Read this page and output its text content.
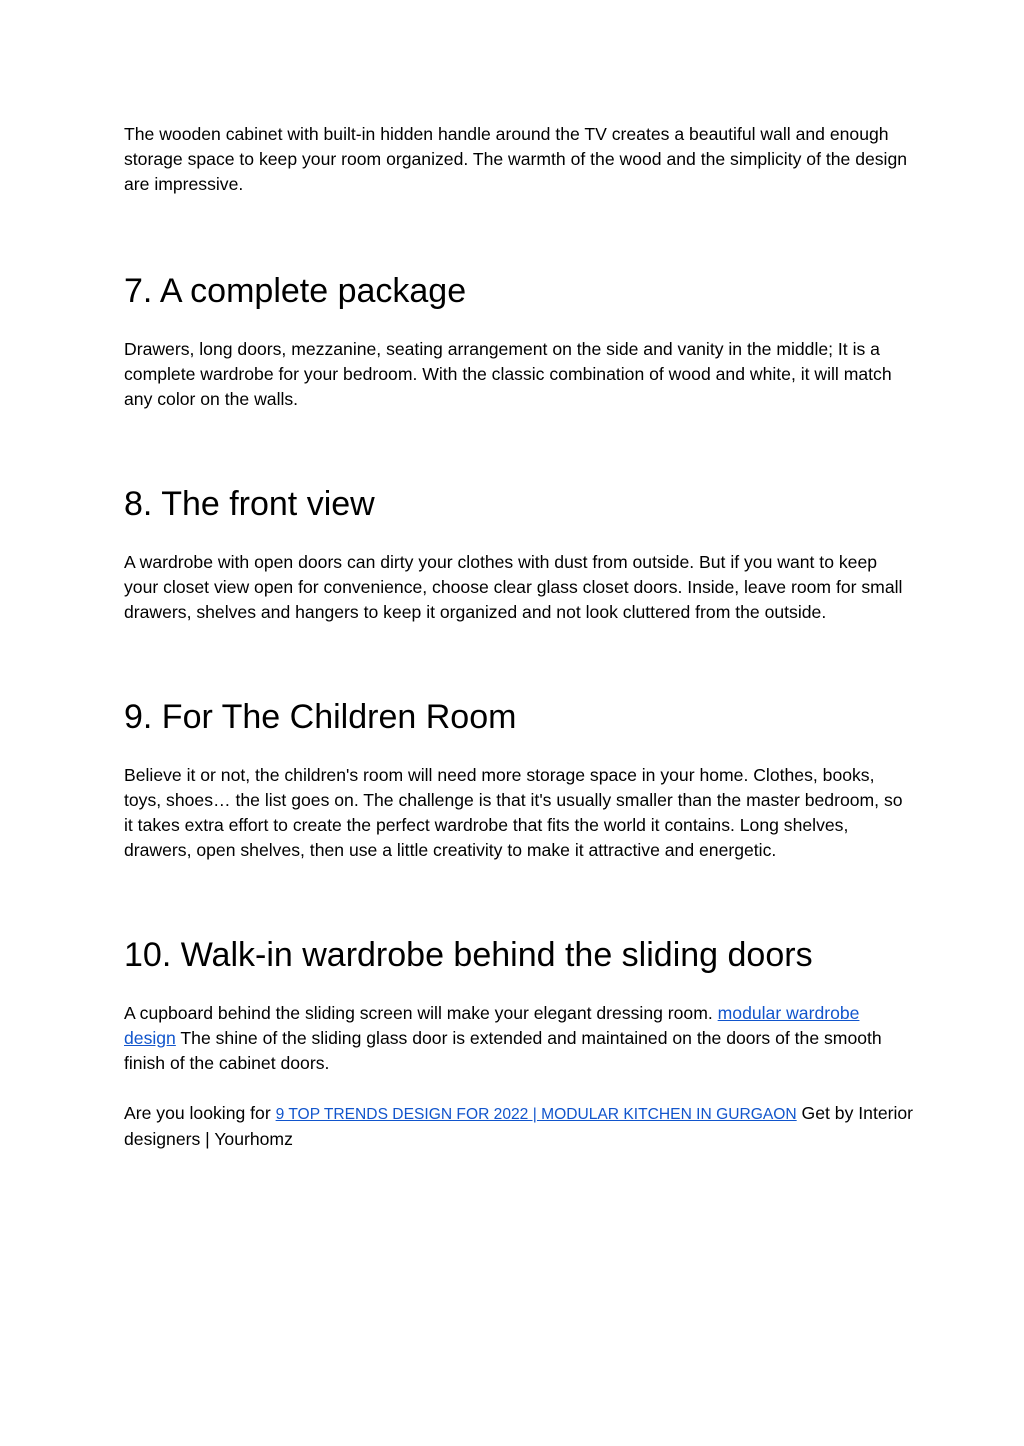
The wooden cabinet with built-in hidden handle around the TV creates a beautiful wall and enough storage space to keep your room organized. The warmth of the wood and the simplicity of the design are impressive.

7. A complete package

Drawers, long doors, mezzanine, seating arrangement on the side and vanity in the middle; It is a complete wardrobe for your bedroom. With the classic combination of wood and white, it will match any color on the walls.

8. The front view

A wardrobe with open doors can dirty your clothes with dust from outside. But if you want to keep your closet view open for convenience, choose clear glass closet doors. Inside, leave room for small drawers, shelves and hangers to keep it organized and not look cluttered from the outside.

9. For The Children Room

Believe it or not, the children's room will need more storage space in your home. Clothes, books, toys, shoes… the list goes on. The challenge is that it's usually smaller than the master bedroom, so it takes extra effort to create the perfect wardrobe that fits the world it contains. Long shelves, drawers, open shelves, then use a little creativity to make it attractive and energetic.

10. Walk-in wardrobe behind the sliding doors

A cupboard behind the sliding screen will make your elegant dressing room. modular wardrobe design The shine of the sliding glass door is extended and maintained on the doors of the smooth finish of the cabinet doors.

Are you looking for 9 TOP TRENDS DESIGN FOR 2022 | MODULAR KITCHEN IN GURGAON Get by Interior designers | Yourhomz
